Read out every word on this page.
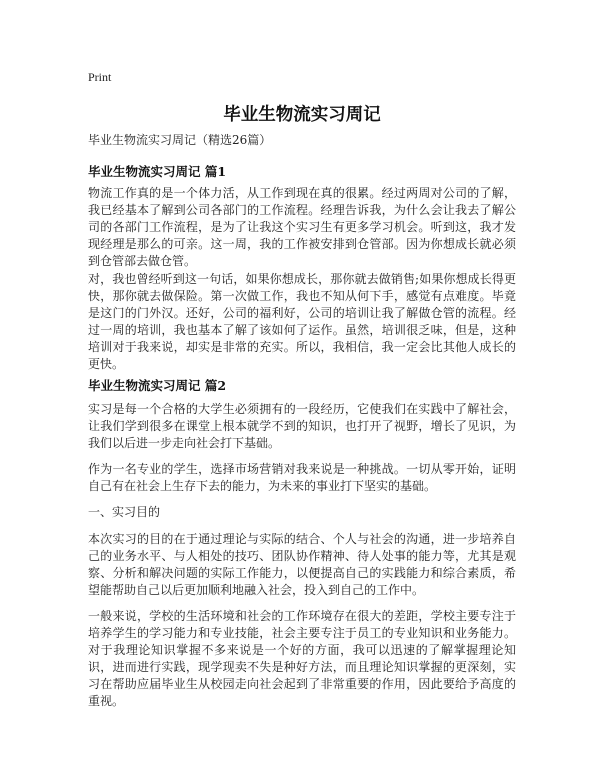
Print
毕业生物流实习周记
毕业生物流实习周记（精选26篇）
毕业生物流实习周记 篇1

物流工作真的是一个体力活，从工作到现在真的很累。经过两周对公司的了解，我已经基本了解到公司各部门的工作流程。经理告诉我，为什么会让我去了解公司的各部门工作流程，是为了让我这个实习生有更多学习机会。听到这，我才发现经理是那么的可亲。这一周，我的工作被安排到仓管部。因为你想成长就必须到仓管部去做仓管。

对，我也曾经听到这一句话，如果你想成长，那你就去做销售;如果你想成长得更快，那你就去做保险。第一次做工作，我也不知从何下手，感觉有点难度。毕竟是这门的门外汉。还好，公司的福利好，公司的培训让我了解做仓管的流程。经过一周的培训，我也基本了解了该如何了运作。虽然，培训很乏味，但是，这种培训对于我来说，却实是非常的充实。所以，我相信，我一定会比其他人成长的更快。

毕业生物流实习周记 篇2

实习是每一个合格的大学生必须拥有的一段经历，它使我们在实践中了解社会，让我们学到很多在课堂上根本就学不到的知识，也打开了视野，增长了见识，为我们以后进一步走向社会打下基础。

作为一名专业的学生，选择市场营销对我来说是一种挑战。一切从零开始，证明自己有在社会上生存下去的能力，为未来的事业打下坚实的基础。

一、实习目的

本次实习的目的在于通过理论与实际的结合、个人与社会的沟通，进一步培养自己的业务水平、与人相处的技巧、团队协作精神、待人处事的能力等，尤其是观察、分析和解决问题的实际工作能力，以便提高自己的实践能力和综合素质，希望能帮助自己以后更加顺利地融入社会，投入到自己的工作中。

一般来说，学校的生活环境和社会的工作环境存在很大的差距，学校主要专注于培养学生的学习能力和专业技能，社会主要专注于员工的专业知识和业务能力。对于我理论知识掌握不多来说是一个好的方面，我可以迅速的了解掌握理论知识，进而进行实践，现学现卖不失是种好方法，而且理论知识掌握的更深刻，实习在帮助应届毕业生从校园走向社会起到了非常重要的作用，因此要给予高度的重视。
